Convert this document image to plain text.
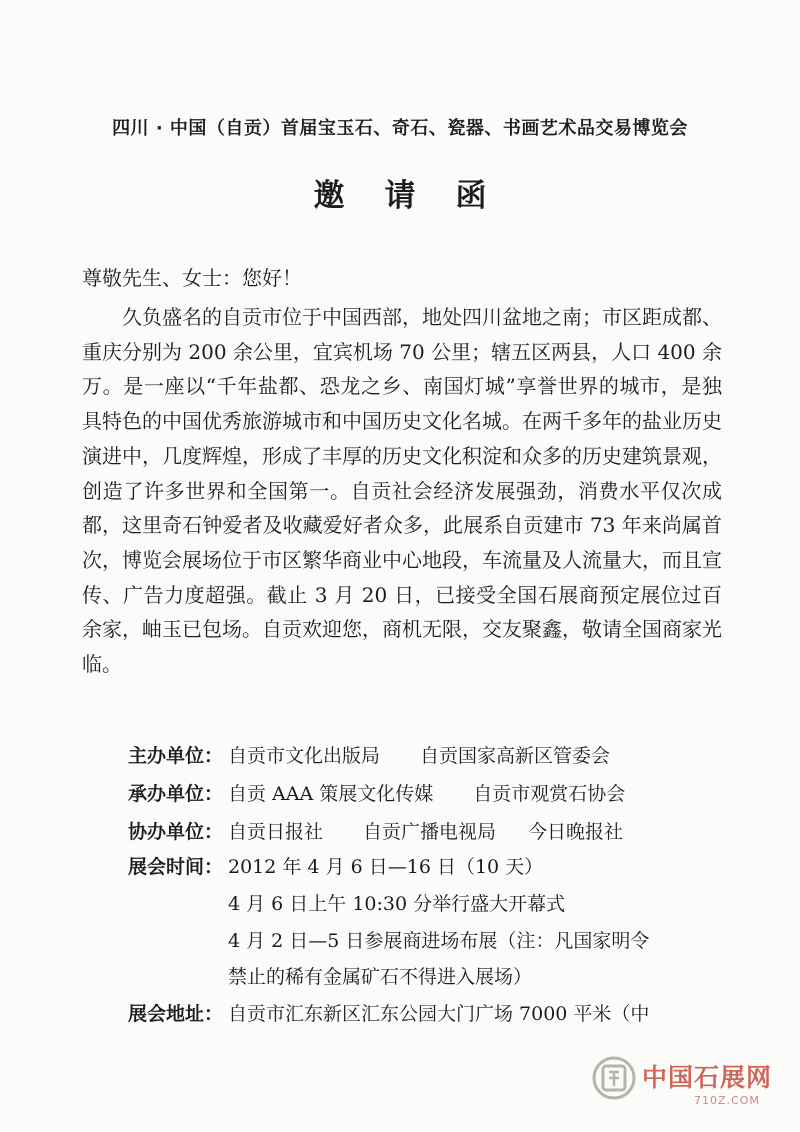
四川 · 中国（自贡）首届宝玉石、奇石、瓷器、书画艺术品交易博览会
邀请函
尊敬先生、女士：您好！

久负盛名的自贡市位于中国西部，地处四川盆地之南；市区距成都、重庆分别为 200 余公里，宜宾机场 70 公里；辖五区两县，人口 400 余万。是一座以“千年盐都、恐龙之乡、南国灯城”享誉世界的城市，是独具特色的中国优秀旅游城市和中国历史文化名城。在两千多年的盐业历史演进中，几度辉煌，形成了丰厚的历史文化积淀和众多的历史建筑景观，创造了许多世界和全国第一。自贡社会经济发展强劲，消费水平仅次成都，这里奇石钟爱者及收藏爱好者众多，此展系自贡建市 73 年来尚属首次，博览会展场位于市区繁华商业中心地段，车流量及人流量大，而且宣传、广告力度超强。截止 3 月 20 日，已接受全国石展商预定展位过百余家，岫玉已包场。自贡欢迎您，商机无限，交友聚鑫，敬请全国商家光临。

主办单位： 自贡市文化出版局 自贡国家高新区管委会
承办单位： 自贡 AAA 策展文化传媒 自贡市观赏石协会
协办单位： 自贡日报社 自贡广播电视局 今日晚报社
展会时间： 2012 年 4 月 6 日—16 日（10 天）
4 月 6 日上午 10:30 分举行盛大开幕式
4 月 2 日—5 日参展商进场布展（注：凡国家明令
禁止的稀有金属矿石不得进入展场）
展会地址： 自贡市汇东新区汇东公园大门广场 7000 平米（中
中国石展网
710Z.COM
